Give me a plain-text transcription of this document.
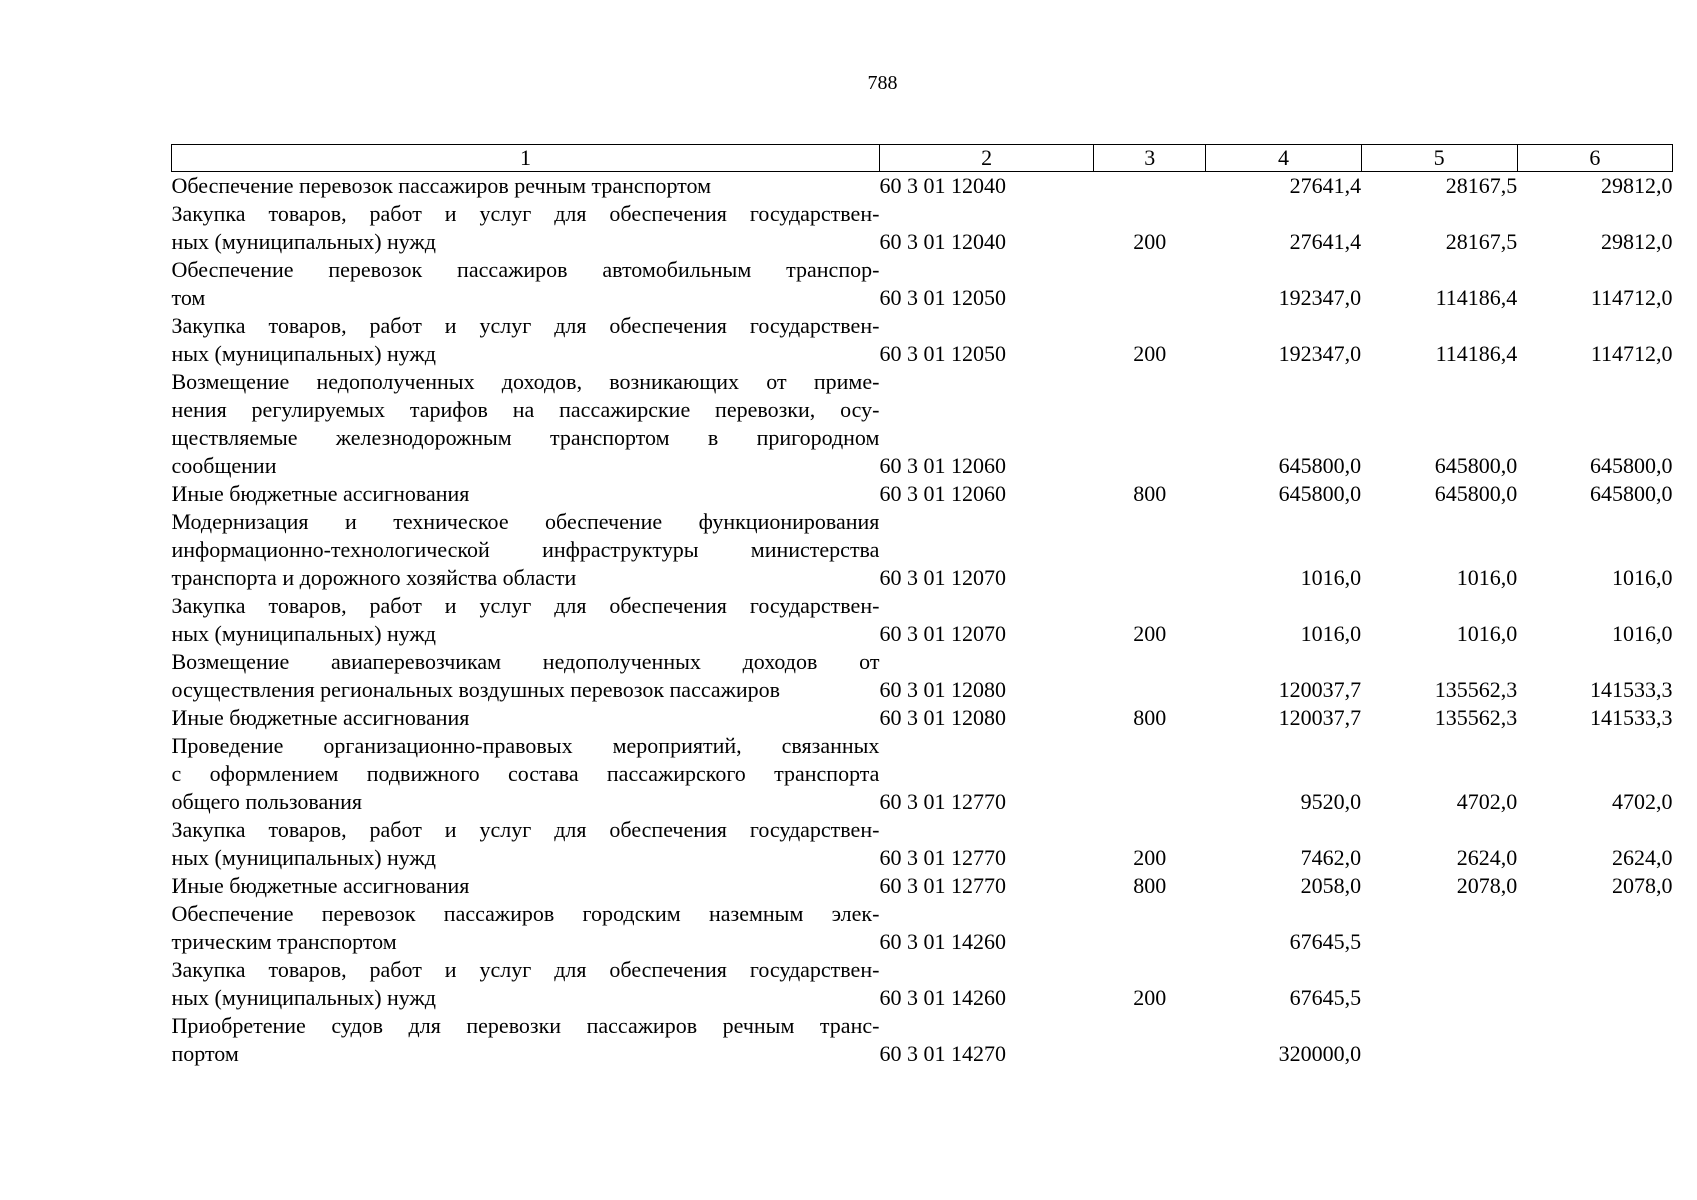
788
1	2	3	4	5	6

Обеспечение перевозок пассажиров речным транспортом	60 3 01 12040		27641,4	28167,5	29812,0

Закупка товаров, работ и услуг для обеспечения государствен-
ных (муниципальных) нужд	60 3 01 12040	200	27641,4	28167,5	29812,0

Обеспечение перевозок пассажиров автомобильным транспор-
том	60 3 01 12050		192347,0	114186,4	114712,0

Закупка товаров, работ и услуг для обеспечения государствен-
ных (муниципальных) нужд	60 3 01 12050	200	192347,0	114186,4	114712,0

Возмещение недополученных доходов, возникающих от приме-
нения регулируемых тарифов на пассажирские перевозки, осу-
ществляемые железнодорожным транспортом в пригородном
сообщении	60 3 01 12060		645800,0	645800,0	645800,0

Иные бюджетные ассигнования	60 3 01 12060	800	645800,0	645800,0	645800,0

Модернизация и техническое обеспечение функционирования
информационно-технологической инфраструктуры министерства
транспорта и дорожного хозяйства области	60 3 01 12070		1016,0	1016,0	1016,0

Закупка товаров, работ и услуг для обеспечения государствен-
ных (муниципальных) нужд	60 3 01 12070	200	1016,0	1016,0	1016,0

Возмещение авиаперевозчикам недополученных доходов от
осуществления региональных воздушных перевозок пассажиров	60 3 01 12080		120037,7	135562,3	141533,3

Иные бюджетные ассигнования	60 3 01 12080	800	120037,7	135562,3	141533,3

Проведение организационно-правовых мероприятий, связанных
с оформлением подвижного состава пассажирского транспорта
общего пользования	60 3 01 12770		9520,0	4702,0	4702,0

Закупка товаров, работ и услуг для обеспечения государствен-
ных (муниципальных) нужд	60 3 01 12770	200	7462,0	2624,0	2624,0

Иные бюджетные ассигнования	60 3 01 12770	800	2058,0	2078,0	2078,0

Обеспечение перевозок пассажиров городским наземным элек-
трическим транспортом	60 3 01 14260		67645,5		

Закупка товаров, работ и услуг для обеспечения государствен-
ных (муниципальных) нужд	60 3 01 14260	200	67645,5		

Приобретение судов для перевозки пассажиров речным транс-
портом	60 3 01 14270		320000,0		
